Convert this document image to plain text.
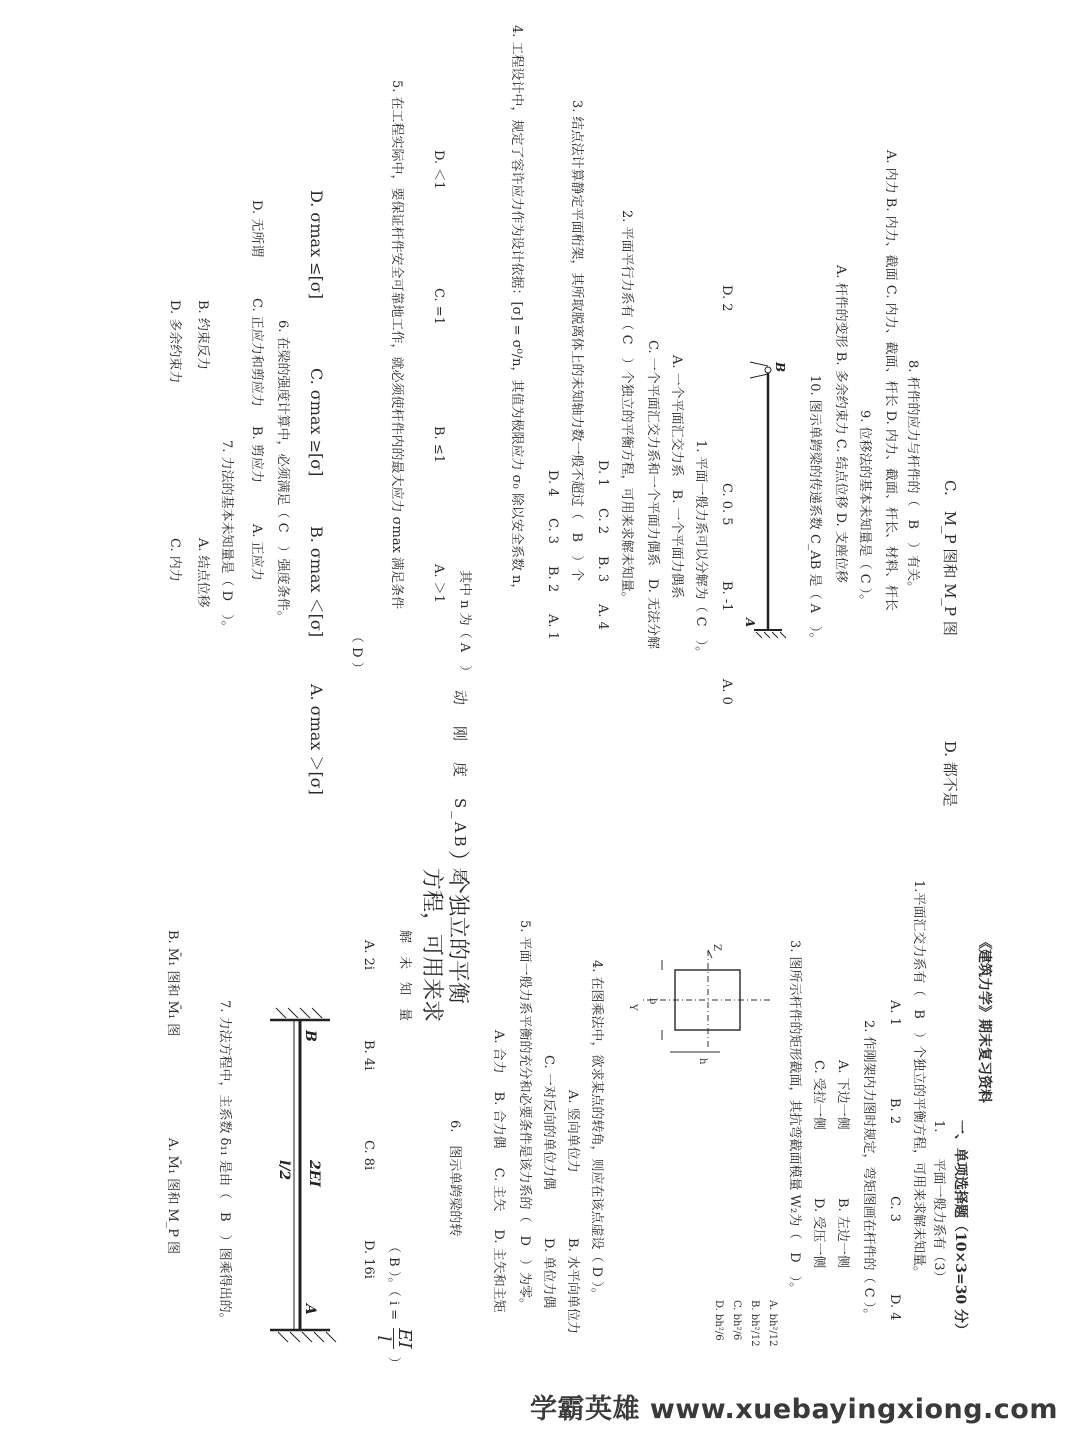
《建筑力学》期末复习资料
一、单项选择题（10×3=30 分）
1.　　平面一般力系有（3）
1.平面汇交力系有（　B　）个独立的平衡方程，可用来求解未知量。
A. 1B. 2C. 3D. 4
2. 作刚架内力图时规定，弯矩图画在杆件的（ C ）。
A. 下边一侧B. 左边一侧
C. 受拉一侧D. 受压一侧
3. 图所示杆件的矩形截面，其抗弯截面模量 W₂为（　D　）。
A. bh²/12
B. bh²/12
C. bh²/6
D. bh²/6
Z
Y
h
b
4. 在图乘法中，欲求某点的转角，则应在该点虚设（ D ）。
A. 竖向单位力B. 水平向单位力
C. 一对反向的单位力偶D. 单位力偶
5. 平面一般力系平衡的充分和必要条件是该力系的（　D　）为零。
A. 合力B. 合力偶C. 主矢D. 主矢和主矩
6.　图示单跨梁的转
（ B ）。（ i =
EI
l
）
A. 2iB. 4iC. 8iD. 16i
B
A
2EI
l/2
7. 力法方程中，主系数 δ₁₁ 是由（　B　）图乘得出的。
B. M̄₁ 图和 M̄₁ 图A. M̄₁ 图和 M_P 图
）个独立的平衡
方程，可用来求
解　未　知　量
动　刚　度　S_AB　是
C.　M_P 图和 M_P 图 D. 都不是
8. 杆件的应力与杆件的（　B　）有关。
A. 内力 B. 内力、截面 C. 内力、截面、杆长 D. 内力、截面、杆长、材料、杆长
9. 位移法的基本未知量是（ C ）。
A. 杆件的变形 B. 多余约束力 C. 结点位移 D. 支座位移
10. 图示单跨梁的传递系数 C_AB 是（ A　）。
B
A
D. 2C. 0. 5B. -1A. 0
1. 平面一般力系可以分解为（ C　）。
A. 一个平面汇交力系　B. 一个平面力偶系
C. 一个平面汇交力系和一个平面力偶系　D. 无法分解
2. 平面平行力系有（ C　）个独立的平衡方程，可用来求解未知量。
D. 1C. 2B. 3A. 4
3. 结点法计算静定平面桁架，其所取脱离体上的未知轴力数一般不超过（　B　）个
D. 4C. 3B. 2A. 1
4. 工程设计中，规定了容许应力作为设计依据：[σ] = σ⁰/n，其值为极限应力 σ₀ 除以安全系数 n，
其中 n 为（ A　）
D. ＜1C. =1B. ≤1A. ＞1
5. 在工程实际中，要保证杆件安全可靠地工作，就必须使杆件内的最大应力 σmax 满足条件
（ D ）
D. σmax ≤[σ]C. σmax ≥[σ]B. σmax ＜[σ]A. σmax ＞[σ]
6. 在梁的强度计算中，必须满足（ C　）强度条件。
D. 无所谓C. 正应力和剪应力B. 剪应力A. 正应力
7. 力法的基本未知量是（ D　）。
B. 约束反力A. 结点位移
D. 多余约束力C. 内力
学霸英雄 www.xuebayingxiong.com
